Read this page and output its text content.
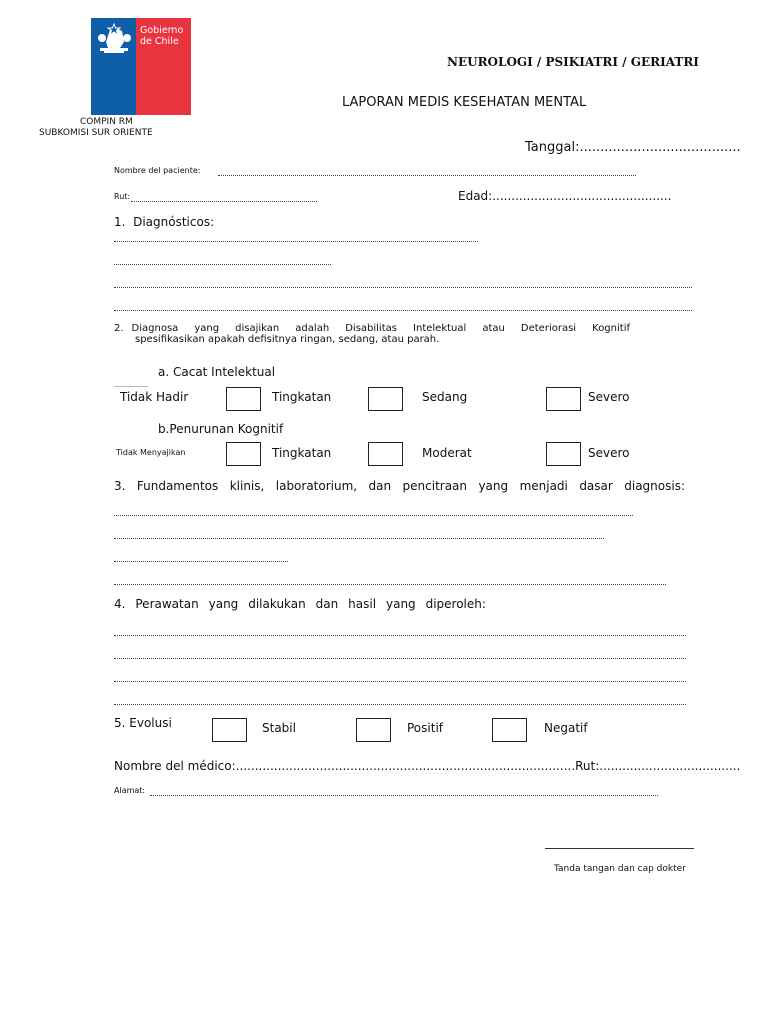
Gobierno
de Chile
COMPIN RM
SUBKOMISI SUR ORIENTE
NEUROLOGI / PSIKIATRI / GERIATRI
LAPORAN MEDIS KESEHATAN MENTAL
Tanggal:.......................................
Nombre del paciente:
Rut:	Edad:...............................................
1. Diagnósticos:
2. Diagnosa yang disajikan adalah Disabilitas Intelektual atau Deteriorasi Kognitif
spesifikasikan apakah defisitnya ringan, sedang, atau parah.
a. Cacat Intelektual
Tidak Hadir	Tingkatan	Sedang	Severo
b.Penurunan Kognitif
Tidak Menyajikan	Tingkatan	Moderat	Severo
3. Fundamentos klinis, laboratorium, dan pencitraan yang menjadi dasar diagnosis:
4. Perawatan yang dilakukan dan hasil yang diperoleh:
5. Evolusi	Stabil	Positif	Negatif
Nombre del médico:.........................................................................................Rut:.....................................
Alamat:
Tanda tangan dan cap dokter
